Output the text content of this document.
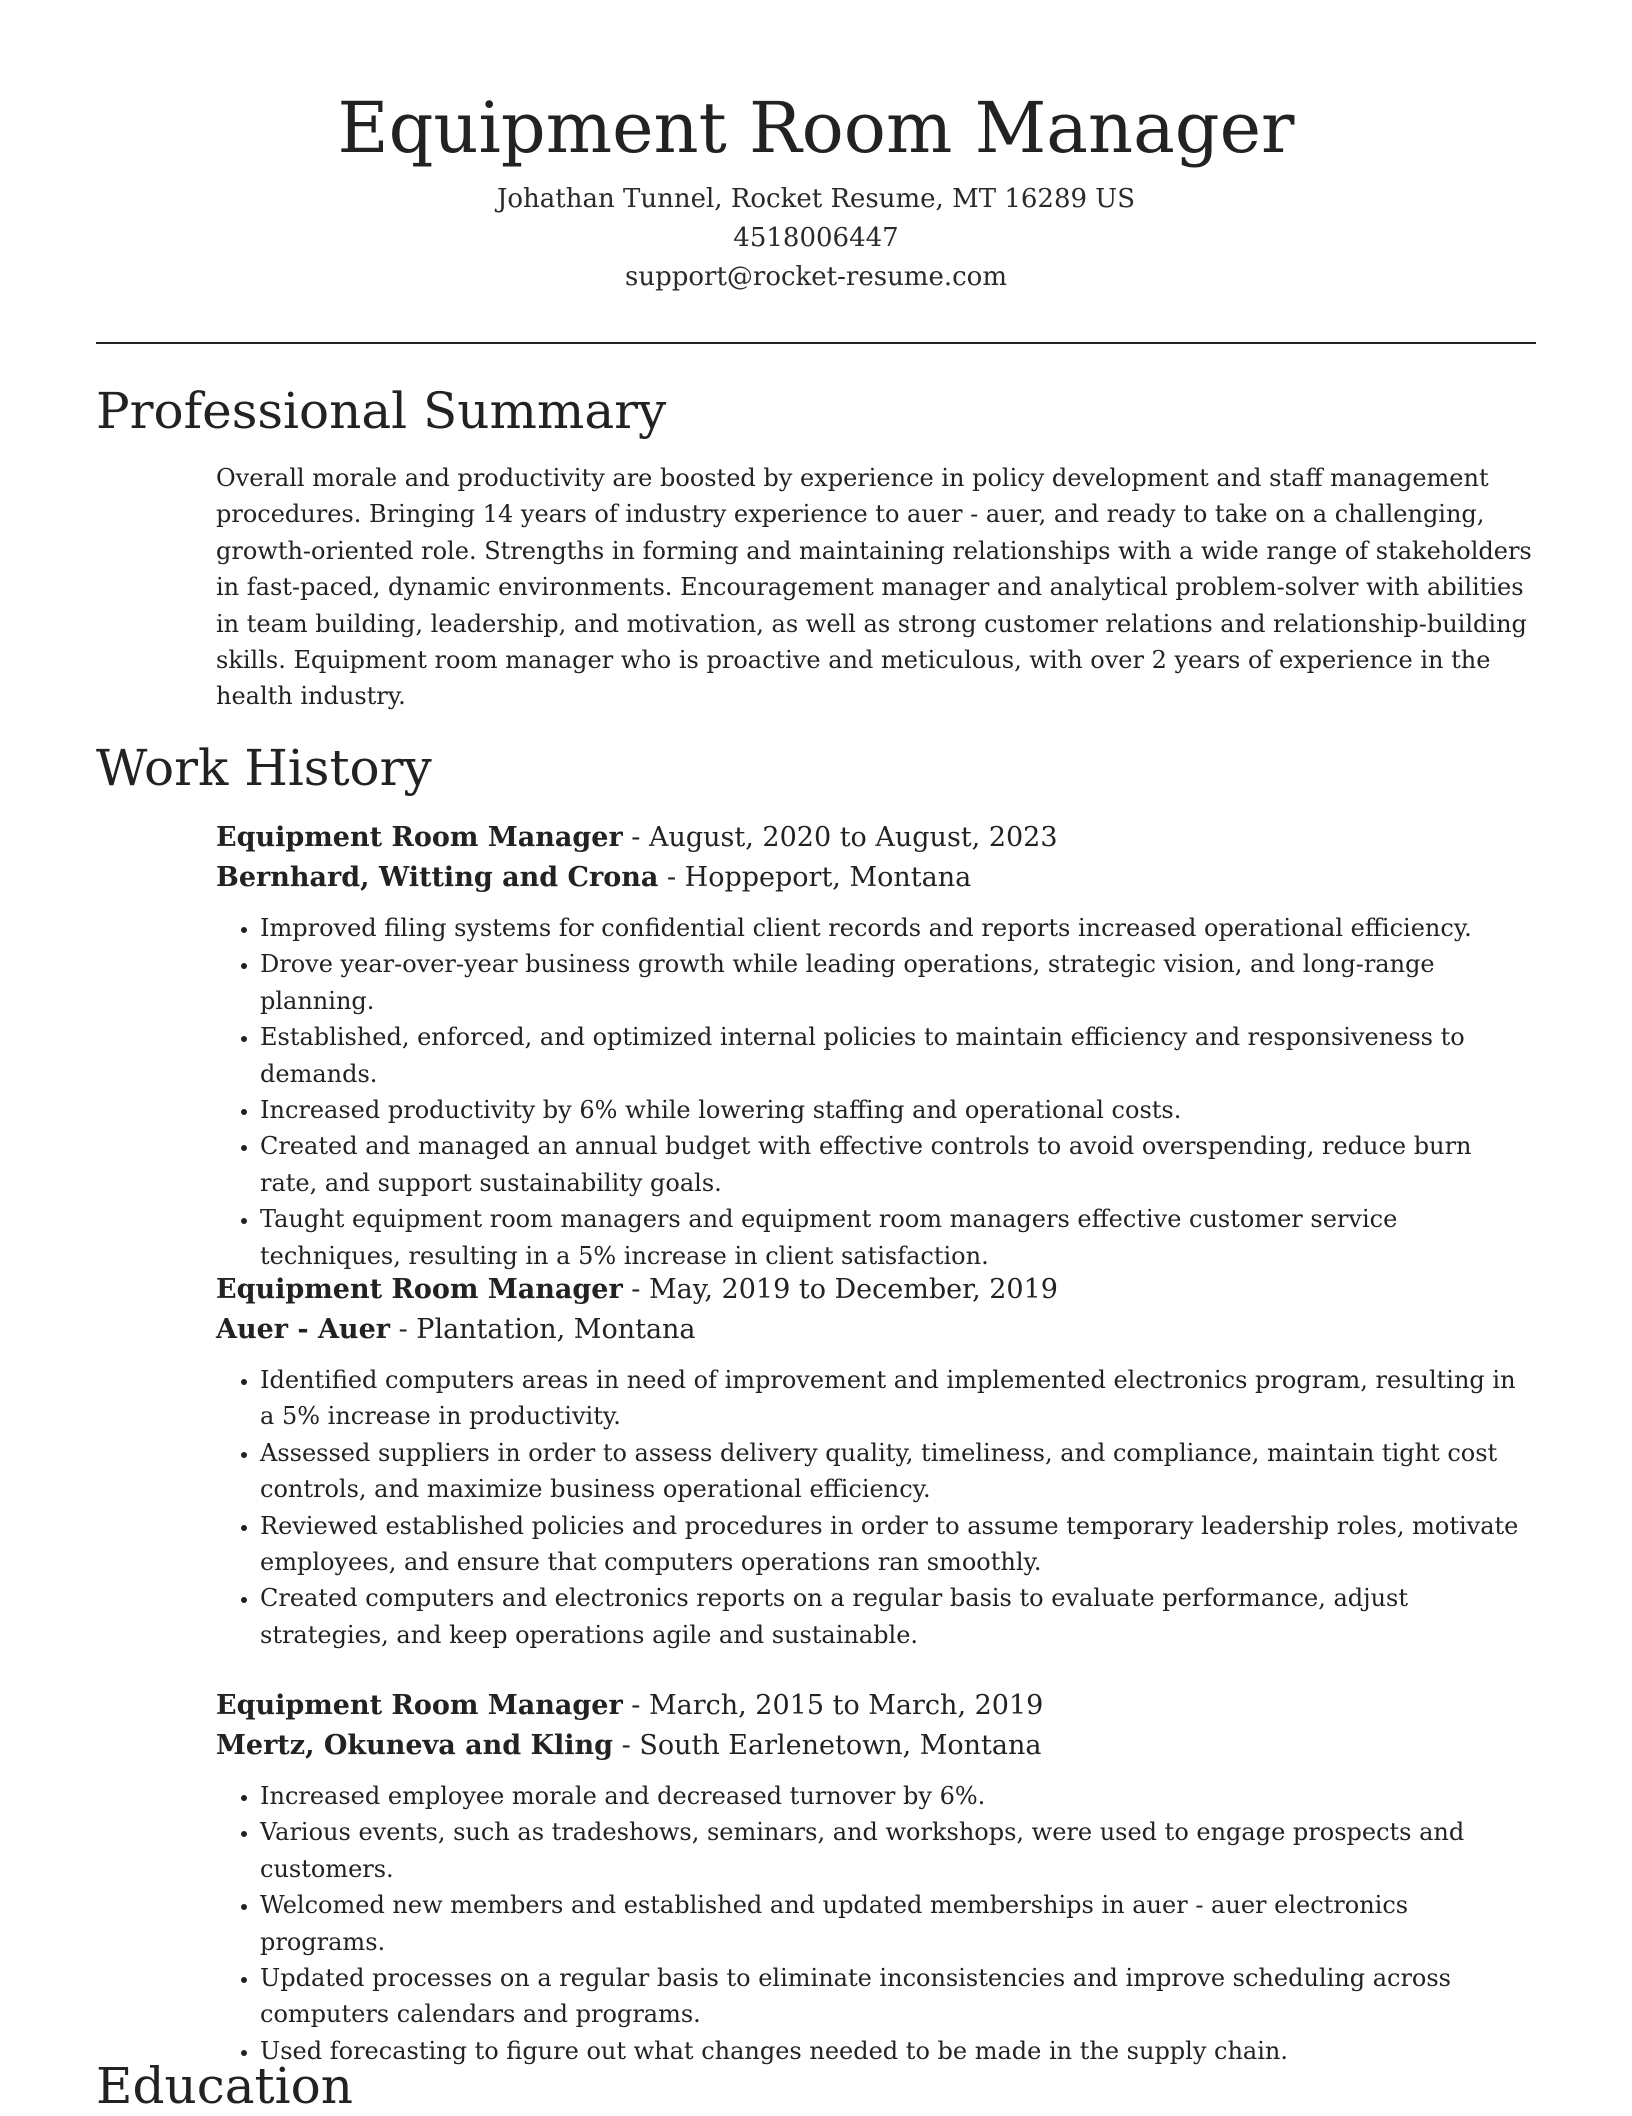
Equipment Room Manager
Johathan Tunnel, Rocket Resume, MT 16289 US
4518006447
support@rocket-resume.com
Professional Summary

Overall morale and productivity are boosted by experience in policy development and staff management procedures. Bringing 14 years of industry experience to auer - auer, and ready to take on a challenging, growth-oriented role. Strengths in forming and maintaining relationships with a wide range of stakeholders in fast-paced, dynamic environments. Encouragement manager and analytical problem-solver with abilities in team building, leadership, and motivation, as well as strong customer relations and relationship-building skills. Equipment room manager who is proactive and meticulous, with over 2 years of experience in the health industry.

Work History

Equipment Room Manager - August, 2020 to August, 2023

Bernhard, Witting and Crona - Hoppeport, Montana

• Improved filing systems for confidential client records and reports increased operational efficiency.
• Drove year-over-year business growth while leading operations, strategic vision, and long-range planning.
• Established, enforced, and optimized internal policies to maintain efficiency and responsiveness to demands.
• Increased productivity by 6% while lowering staffing and operational costs.
• Created and managed an annual budget with effective controls to avoid overspending, reduce burn rate, and support sustainability goals.
• Taught equipment room managers and equipment room managers effective customer service techniques, resulting in a 5% increase in client satisfaction.

Equipment Room Manager - May, 2019 to December, 2019

Auer - Auer - Plantation, Montana

• Identified computers areas in need of improvement and implemented electronics program, resulting in a 5% increase in productivity.
• Assessed suppliers in order to assess delivery quality, timeliness, and compliance, maintain tight cost controls, and maximize business operational efficiency.
• Reviewed established policies and procedures in order to assume temporary leadership roles, motivate employees, and ensure that computers operations ran smoothly.
• Created computers and electronics reports on a regular basis to evaluate performance, adjust strategies, and keep operations agile and sustainable.

Equipment Room Manager - March, 2015 to March, 2019

Mertz, Okuneva and Kling - South Earlenetown, Montana

• Increased employee morale and decreased turnover by 6%.
• Various events, such as tradeshows, seminars, and workshops, were used to engage prospects and customers.
• Welcomed new members and established and updated memberships in auer - auer electronics programs.
• Updated processes on a regular basis to eliminate inconsistencies and improve scheduling across computers calendars and programs.
• Used forecasting to figure out what changes needed to be made in the supply chain.
Education
